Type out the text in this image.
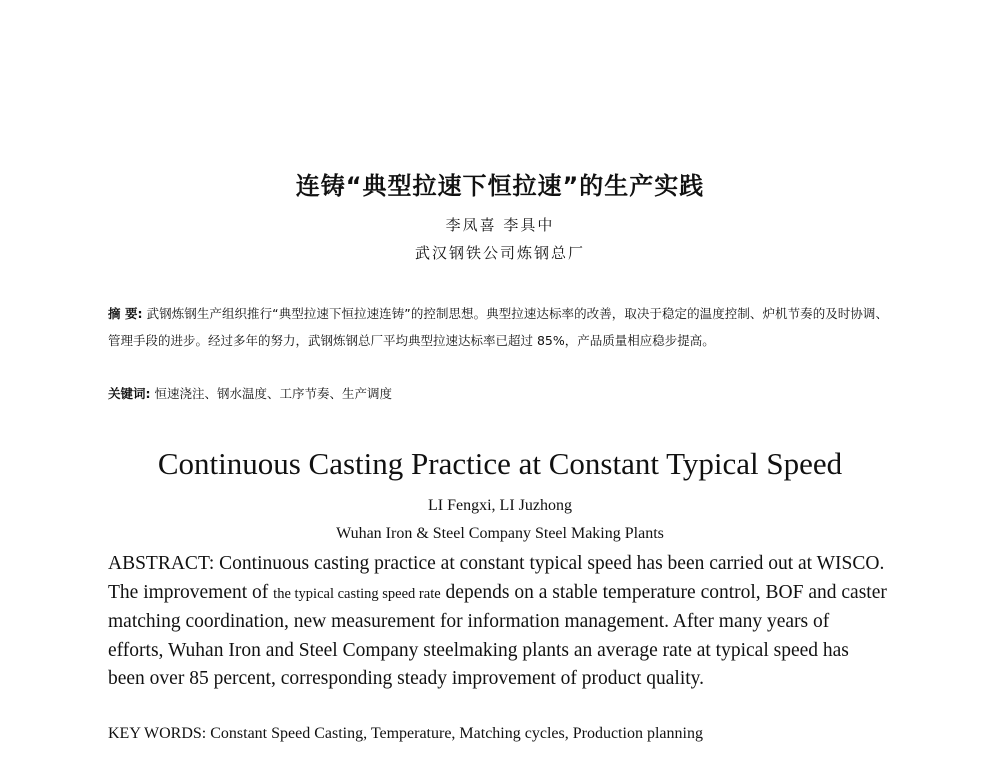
连铸“典型拉速下恒拉速”的生产实践
李凤喜 李具中
武汉钢铁公司炼钢总厂
摘 要: 武钢炼钢生产组织推行“典型拉速下恒拉速连铸”的控制思想。典型拉速达标率的改善，取决于稳定的温度控制、炉机节奏的及时协调、管理手段的进步。经过多年的努力，武钢炼钢总厂平均典型拉速达标率已超过 85%，产品质量相应稳步提高。
关键词: 恒速浇注、钢水温度、工序节奏、生产调度
Continuous Casting Practice at Constant Typical Speed
LI Fengxi, LI Juzhong
Wuhan Iron & Steel Company Steel Making Plants
ABSTRACT: Continuous casting practice at constant typical speed has been carried out at WISCO. The improvement of the typical casting speed rate depends on a stable temperature control, BOF and caster matching coordination, new measurement for information management. After many years of efforts, Wuhan Iron and Steel Company steelmaking plants an average rate at typical speed has been over 85 percent, corresponding steady improvement of product quality.
KEY WORDS: Constant Speed Casting, Temperature, Matching cycles, Production planning
